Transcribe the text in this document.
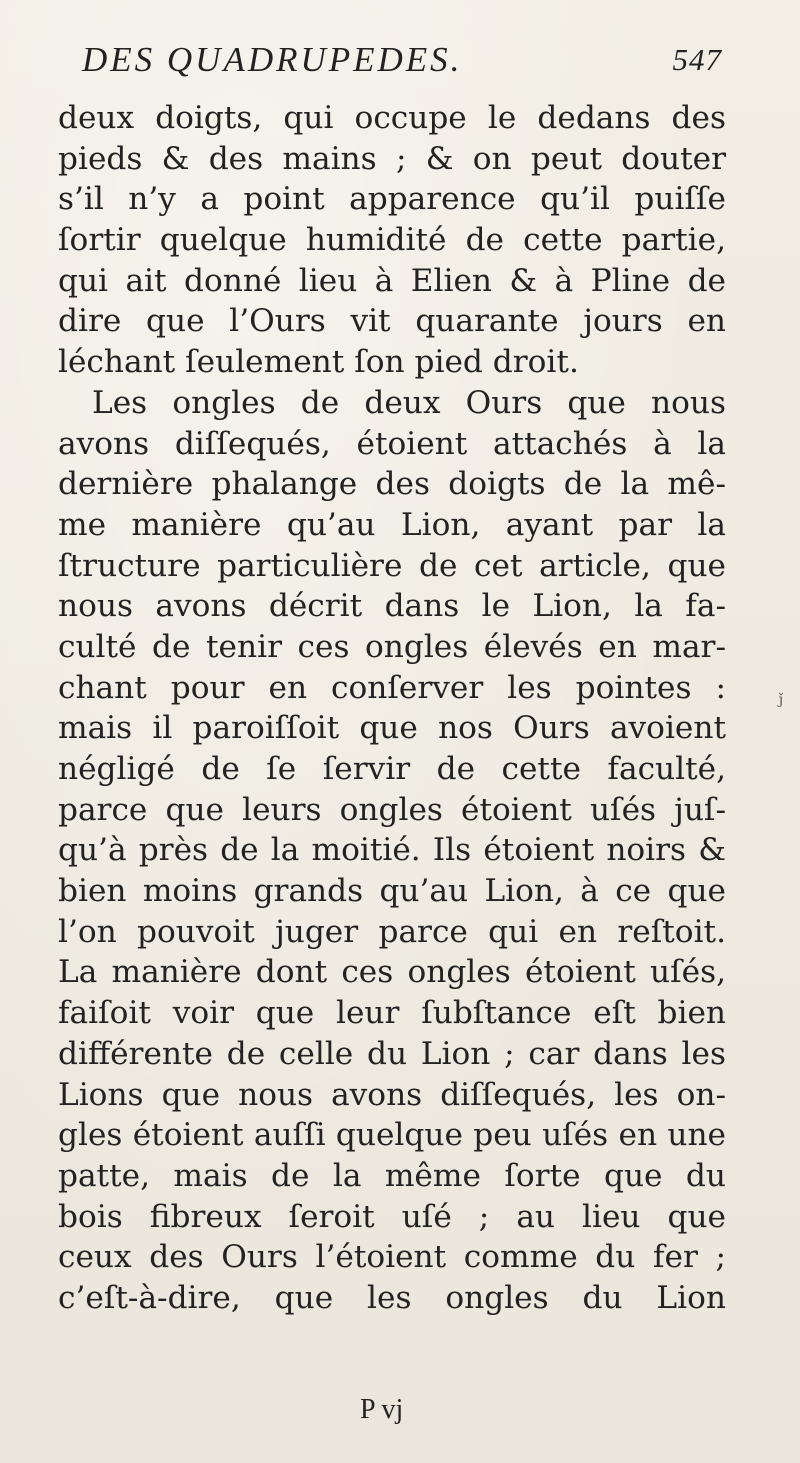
DES QUADRUPEDES.	547
deux doigts, qui occupe le dedans des
pieds & des mains ; & on peut douter
s’il n’y a point apparence qu’il puiſſe
ſortir quelque humidité de cette partie,
qui ait donné lieu à Elien & à Pline de
dire que l’Ours vit quarante jours en
léchant ſeulement ſon pied droit.
Les ongles de deux Ours que nous
avons diſſequés, étoient attachés à la
dernière phalange des doigts de la mê-
me manière qu’au Lion, ayant par la
ſtructure particulière de cet article, que
nous avons décrit dans le Lion, la fa-
culté de tenir ces ongles élevés en mar-
chant pour en conſerver les pointes :
mais il paroiſſoit que nos Ours avoient
négligé de ſe ſervir de cette faculté,
parce que leurs ongles étoient uſés juſ-
qu’à près de la moitié. Ils étoient noirs &
bien moins grands qu’au Lion, à ce que
l’on pouvoit juger parce qui en reſtoit.
La manière dont ces ongles étoient uſés,
faiſoit voir que leur ſubſtance eſt bien
différente de celle du Lion ; car dans les
Lions que nous avons diſſequés, les on-
gles étoient auſſi quelque peu uſés en une
patte, mais de la même ſorte que du
bois fibreux ſeroit uſé ; au lieu que
ceux des Ours l’étoient comme du fer ;
c’eſt-à-dire, que les ongles du Lion
P vj
ǰ
